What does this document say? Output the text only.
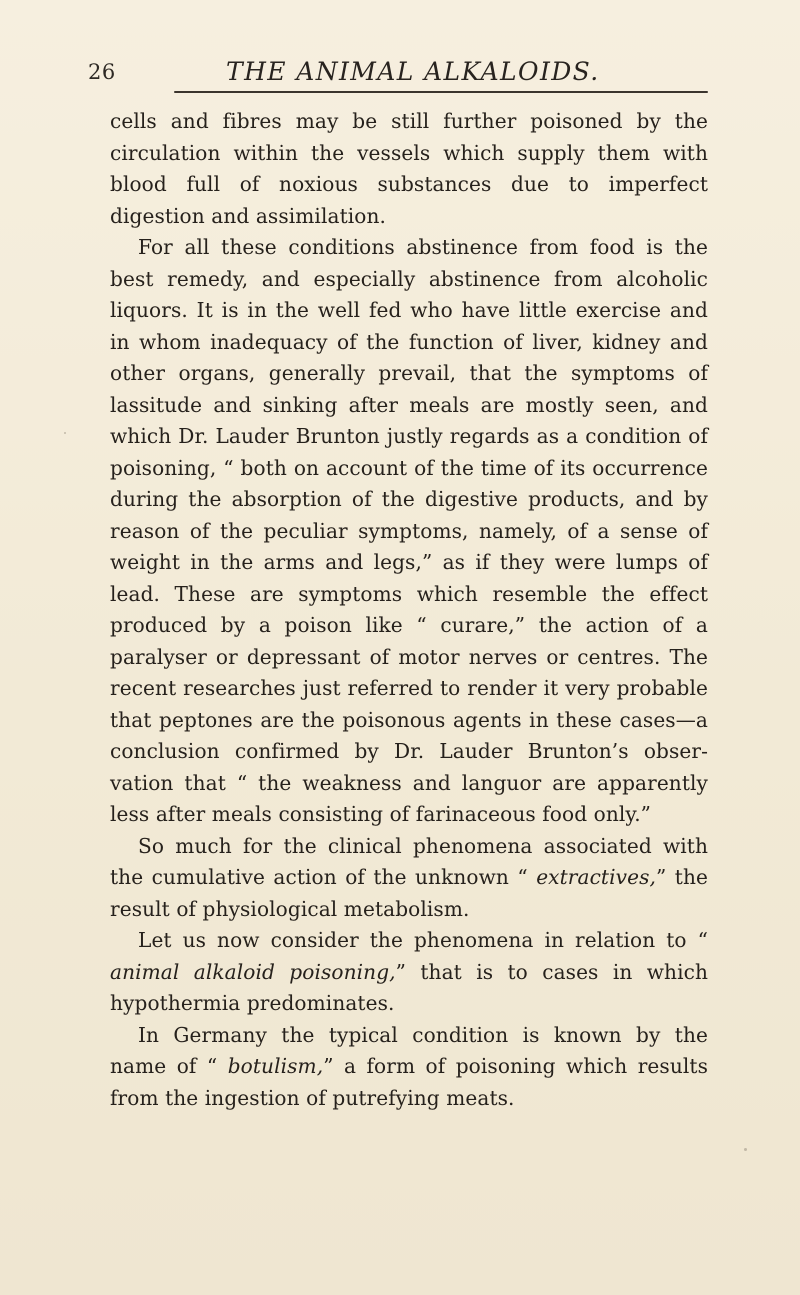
26	THE ANIMAL ALKALOIDS.

cells and fibres may be still further poisoned by the circulation within the vessels which supply them with blood full of noxious substances due to imperfect digestion and assimilation.

For all these conditions abstinence from food is the best remedy, and especially abstinence from alcoholic liquors. It is in the well fed who have little exercise and in whom inadequacy of the function of liver, kidney and other organs, generally prevail, that the symptoms of lassitude and sinking after meals are mostly seen, and which Dr. Lauder Brunton justly regards as a condition of poisoning, “ both on account of the time of its occurrence during the absorption of the digestive products, and by reason of the peculiar symptoms, namely, of a sense of weight in the arms and legs,” as if they were lumps of lead. These are symptoms which resemble the effect produced by a poison like “ curare,” the action of a paralyser or depressant of motor nerves or centres. The recent researches just referred to render it very probable that peptones are the poisonous agents in these cases—a conclusion confirmed by Dr. Lauder Brunton’s obser- vation that “ the weakness and languor are apparently less after meals consisting of farinaceous food only.”

So much for the clinical phenomena associated with the cumulative action of the unknown “ extractives,” the result of physiological metabolism.

Let us now consider the phenomena in relation to “ animal alkaloid poisoning,” that is to cases in which hypothermia predominates.

In Germany the typical condition is known by the name of “ botulism,” a form of poisoning which results from the ingestion of putrefying meats.
